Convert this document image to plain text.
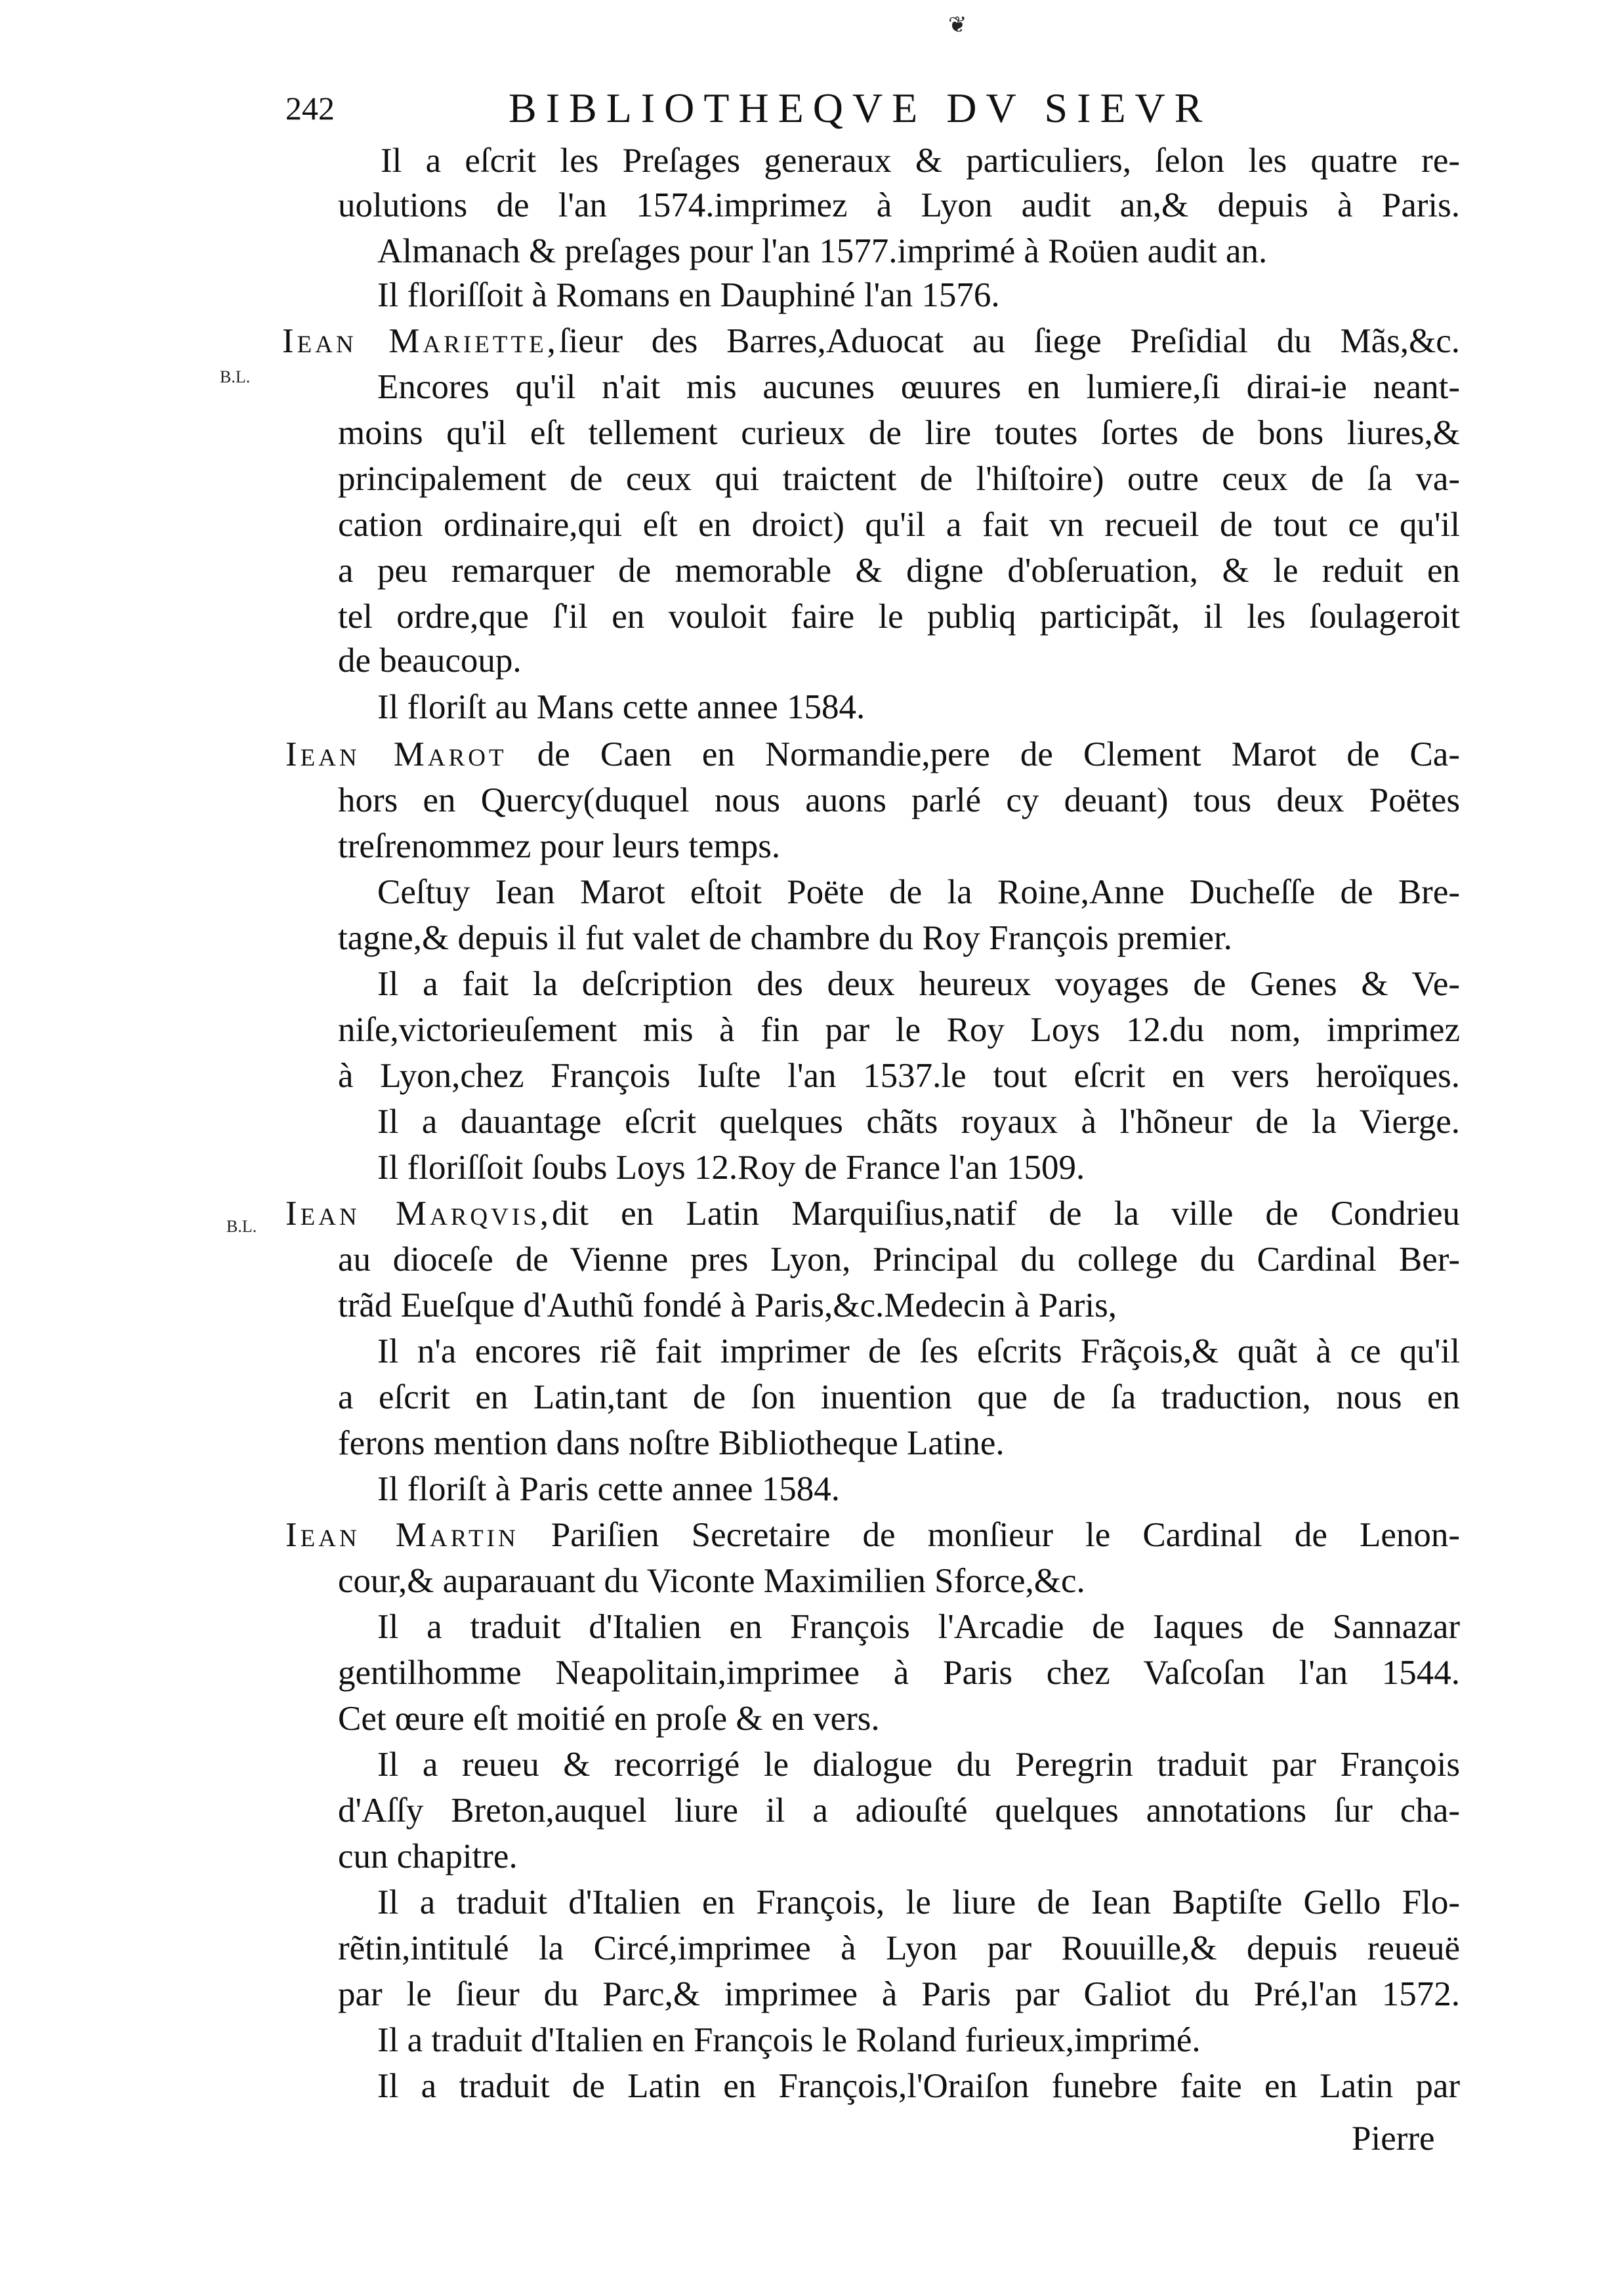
❦
242	BIBLIOTHEQVE DV SIEVR
B.L.
B.L.
Il a eſcrit les Preſages generaux & particuliers, ſelon les quatre re-
uolutions de l'an 1574.imprimez à Lyon audit an,& depuis à Paris.
Almanach & preſages pour l'an 1577.imprimé à Roüen audit an.
Il floriſſoit à Romans en Dauphiné l'an 1576.
Iean Mariette,ſieur des Barres,Aduocat au ſiege Preſidial du Mãs,&c.
Encores qu'il n'ait mis aucunes œuures en lumiere,ſi dirai-ie neant-
moins qu'il eſt tellement curieux de lire toutes ſortes de bons liures,&
principalement de ceux qui traictent de l'hiſtoire) outre ceux de ſa va-
cation ordinaire,qui eſt en droict) qu'il a fait vn recueil de tout ce qu'il
a peu remarquer de memorable & digne d'obſeruation, & le reduit en
tel ordre,que ſ'il en vouloit faire le publiq participãt, il les ſoulageroit
de beaucoup.
Il floriſt au Mans cette annee 1584.
Iean Marot de Caen en Normandie,pere de Clement Marot de Ca-
hors en Quercy(duquel nous auons parlé cy deuant) tous deux Poëtes
treſrenommez pour leurs temps.
Ceſtuy Iean Marot eſtoit Poëte de la Roine,Anne Ducheſſe de Bre-
tagne,& depuis il fut valet de chambre du Roy François premier.
Il a fait la deſcription des deux heureux voyages de Genes & Ve-
niſe,victorieuſement mis à fin par le Roy Loys 12.du nom, imprimez
à Lyon,chez François Iuſte l'an 1537.le tout eſcrit en vers heroïques.
Il a dauantage eſcrit quelques chãts royaux à l'hõneur de la Vierge.
Il floriſſoit ſoubs Loys 12.Roy de France l'an 1509.
Iean Marqvis,dit en Latin Marquiſius,natif de la ville de Condrieu
au dioceſe de Vienne pres Lyon, Principal du college du Cardinal Ber-
trãd Eueſque d'Authũ fondé à Paris,&c.Medecin à Paris,
Il n'a encores riẽ fait imprimer de ſes eſcrits Frãçois,& quãt à ce qu'il
a eſcrit en Latin,tant de ſon inuention que de ſa traduction, nous en
ferons mention dans noſtre Bibliotheque Latine.
Il floriſt à Paris cette annee 1584.
Iean Martin Pariſien Secretaire de monſieur le Cardinal de Lenon-
cour,& auparauant du Viconte Maximilien Sforce,&c.
Il a traduit d'Italien en François l'Arcadie de Iaques de Sannazar
gentilhomme Neapolitain,imprimee à Paris chez Vaſcoſan l'an 1544.
Cet œure eſt moitié en proſe & en vers.
Il a reueu & recorrigé le dialogue du Peregrin traduit par François
d'Aſſy Breton,auquel liure il a adiouſté quelques annotations ſur cha-
cun chapitre.
Il a traduit d'Italien en François, le liure de Iean Baptiſte Gello Flo-
rẽtin,intitulé la Circé,imprimee à Lyon par Rouuille,& depuis reueuë
par le ſieur du Parc,& imprimee à Paris par Galiot du Pré,l'an 1572.
Il a traduit d'Italien en François le Roland furieux,imprimé.
Il a traduit de Latin en François,l'Oraiſon funebre faite en Latin par
Pierre
